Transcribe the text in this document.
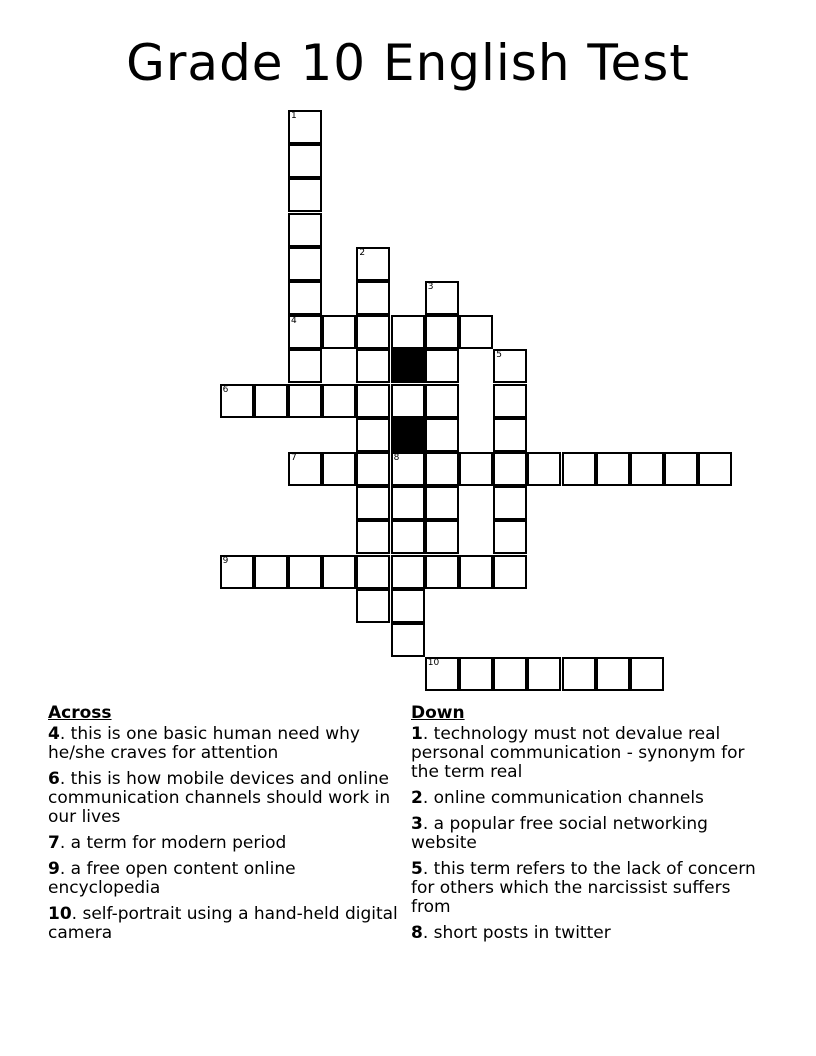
Grade 10 English Test
1
4
2
3
5
6
7	8
9
10
Across
4. this is one basic human need why he/she craves for attention
6. this is how mobile devices and online communication channels should work in our lives
7. a term for modern period
9. a free open content online encyclopedia
10. self-portrait using a hand-held digital camera
Down
1. technology must not devalue real personal communication - synonym for the term real
2. online communication channels
3. a popular free social networking website
5. this term refers to the lack of concern for others which the narcissist suffers from
8. short posts in twitter
